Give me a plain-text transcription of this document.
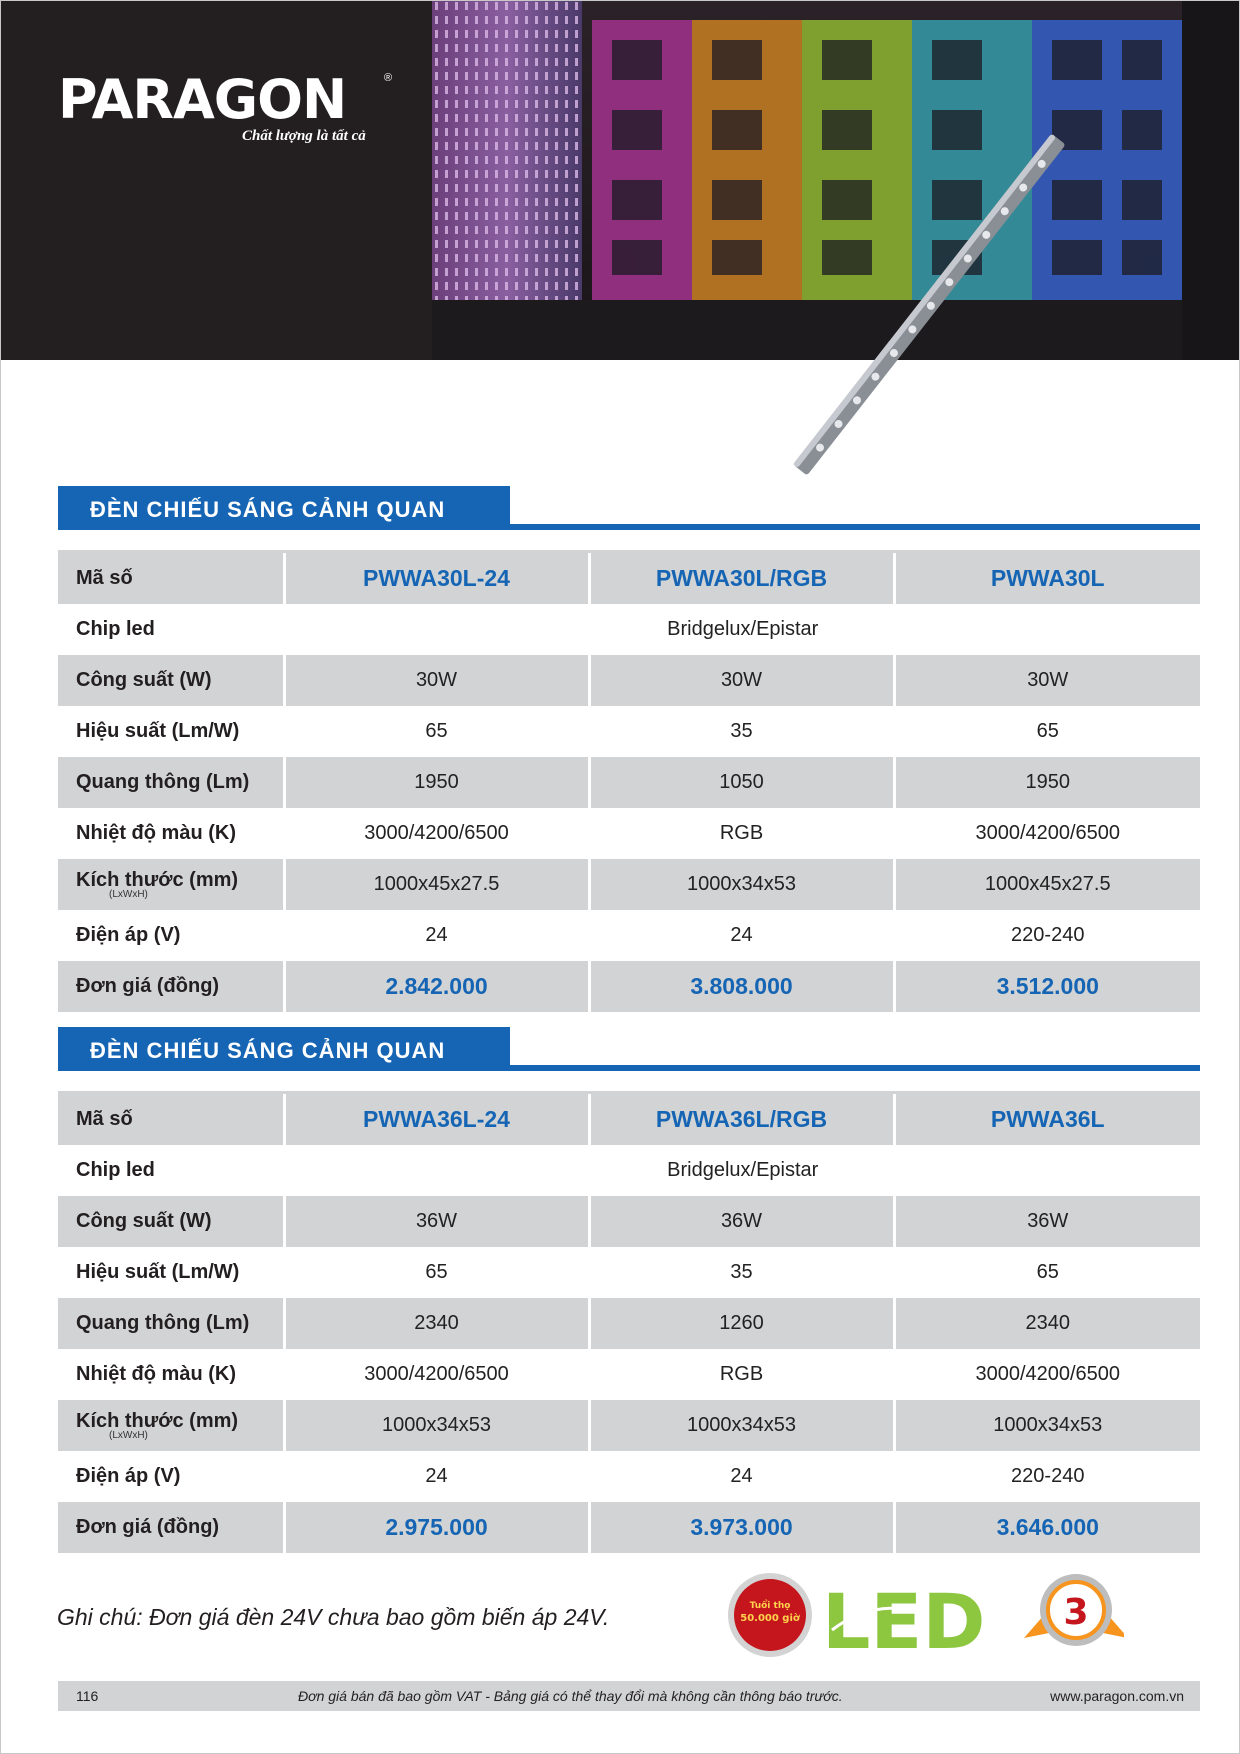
PARAGON	®
Chất lượng là tất cả
ĐÈN CHIẾU SÁNG CẢNH QUAN
Mã số	PWWA30L-24	PWWA30L/RGB	PWWA30L
Chip led	Bridgelux/Epistar		
Công suất (W)	30W	30W	30W
Hiệu suất (Lm/W)	65	35	65
Quang thông (Lm)	1950	1050	1950
Nhiệt độ màu (K)	3000/4200/6500	RGB	3000/4200/6500
Kích thước (mm)
(LxWxH)	1000x45x27.5	1000x34x53	1000x45x27.5
Điện áp (V)	24	24	220-240
Đơn giá (đồng)	2.842.000	3.808.000	3.512.000
ĐÈN CHIẾU SÁNG CẢNH QUAN
Mã số	PWWA36L-24	PWWA36L/RGB	PWWA36L
Chip led	Bridgelux/Epistar		
Công suất (W)	36W	36W	36W
Hiệu suất (Lm/W)	65	35	65
Quang thông (Lm)	2340	1260	2340
Nhiệt độ màu (K)	3000/4200/6500	RGB	3000/4200/6500
Kích thước (mm)
(LxWxH)	1000x34x53	1000x34x53	1000x34x53
Điện áp (V)	24	24	220-240
Đơn giá (đồng)	2.975.000	3.973.000	3.646.000
Ghi chú: Đơn giá đèn 24V chưa bao gồm biến áp 24V.	Tuổi thọ
50.000 giờ LED 3
116	Đơn giá bán đã bao gồm VAT - Bảng giá có thể thay đổi mà không cần thông báo trước.	www.paragon.com.vn
